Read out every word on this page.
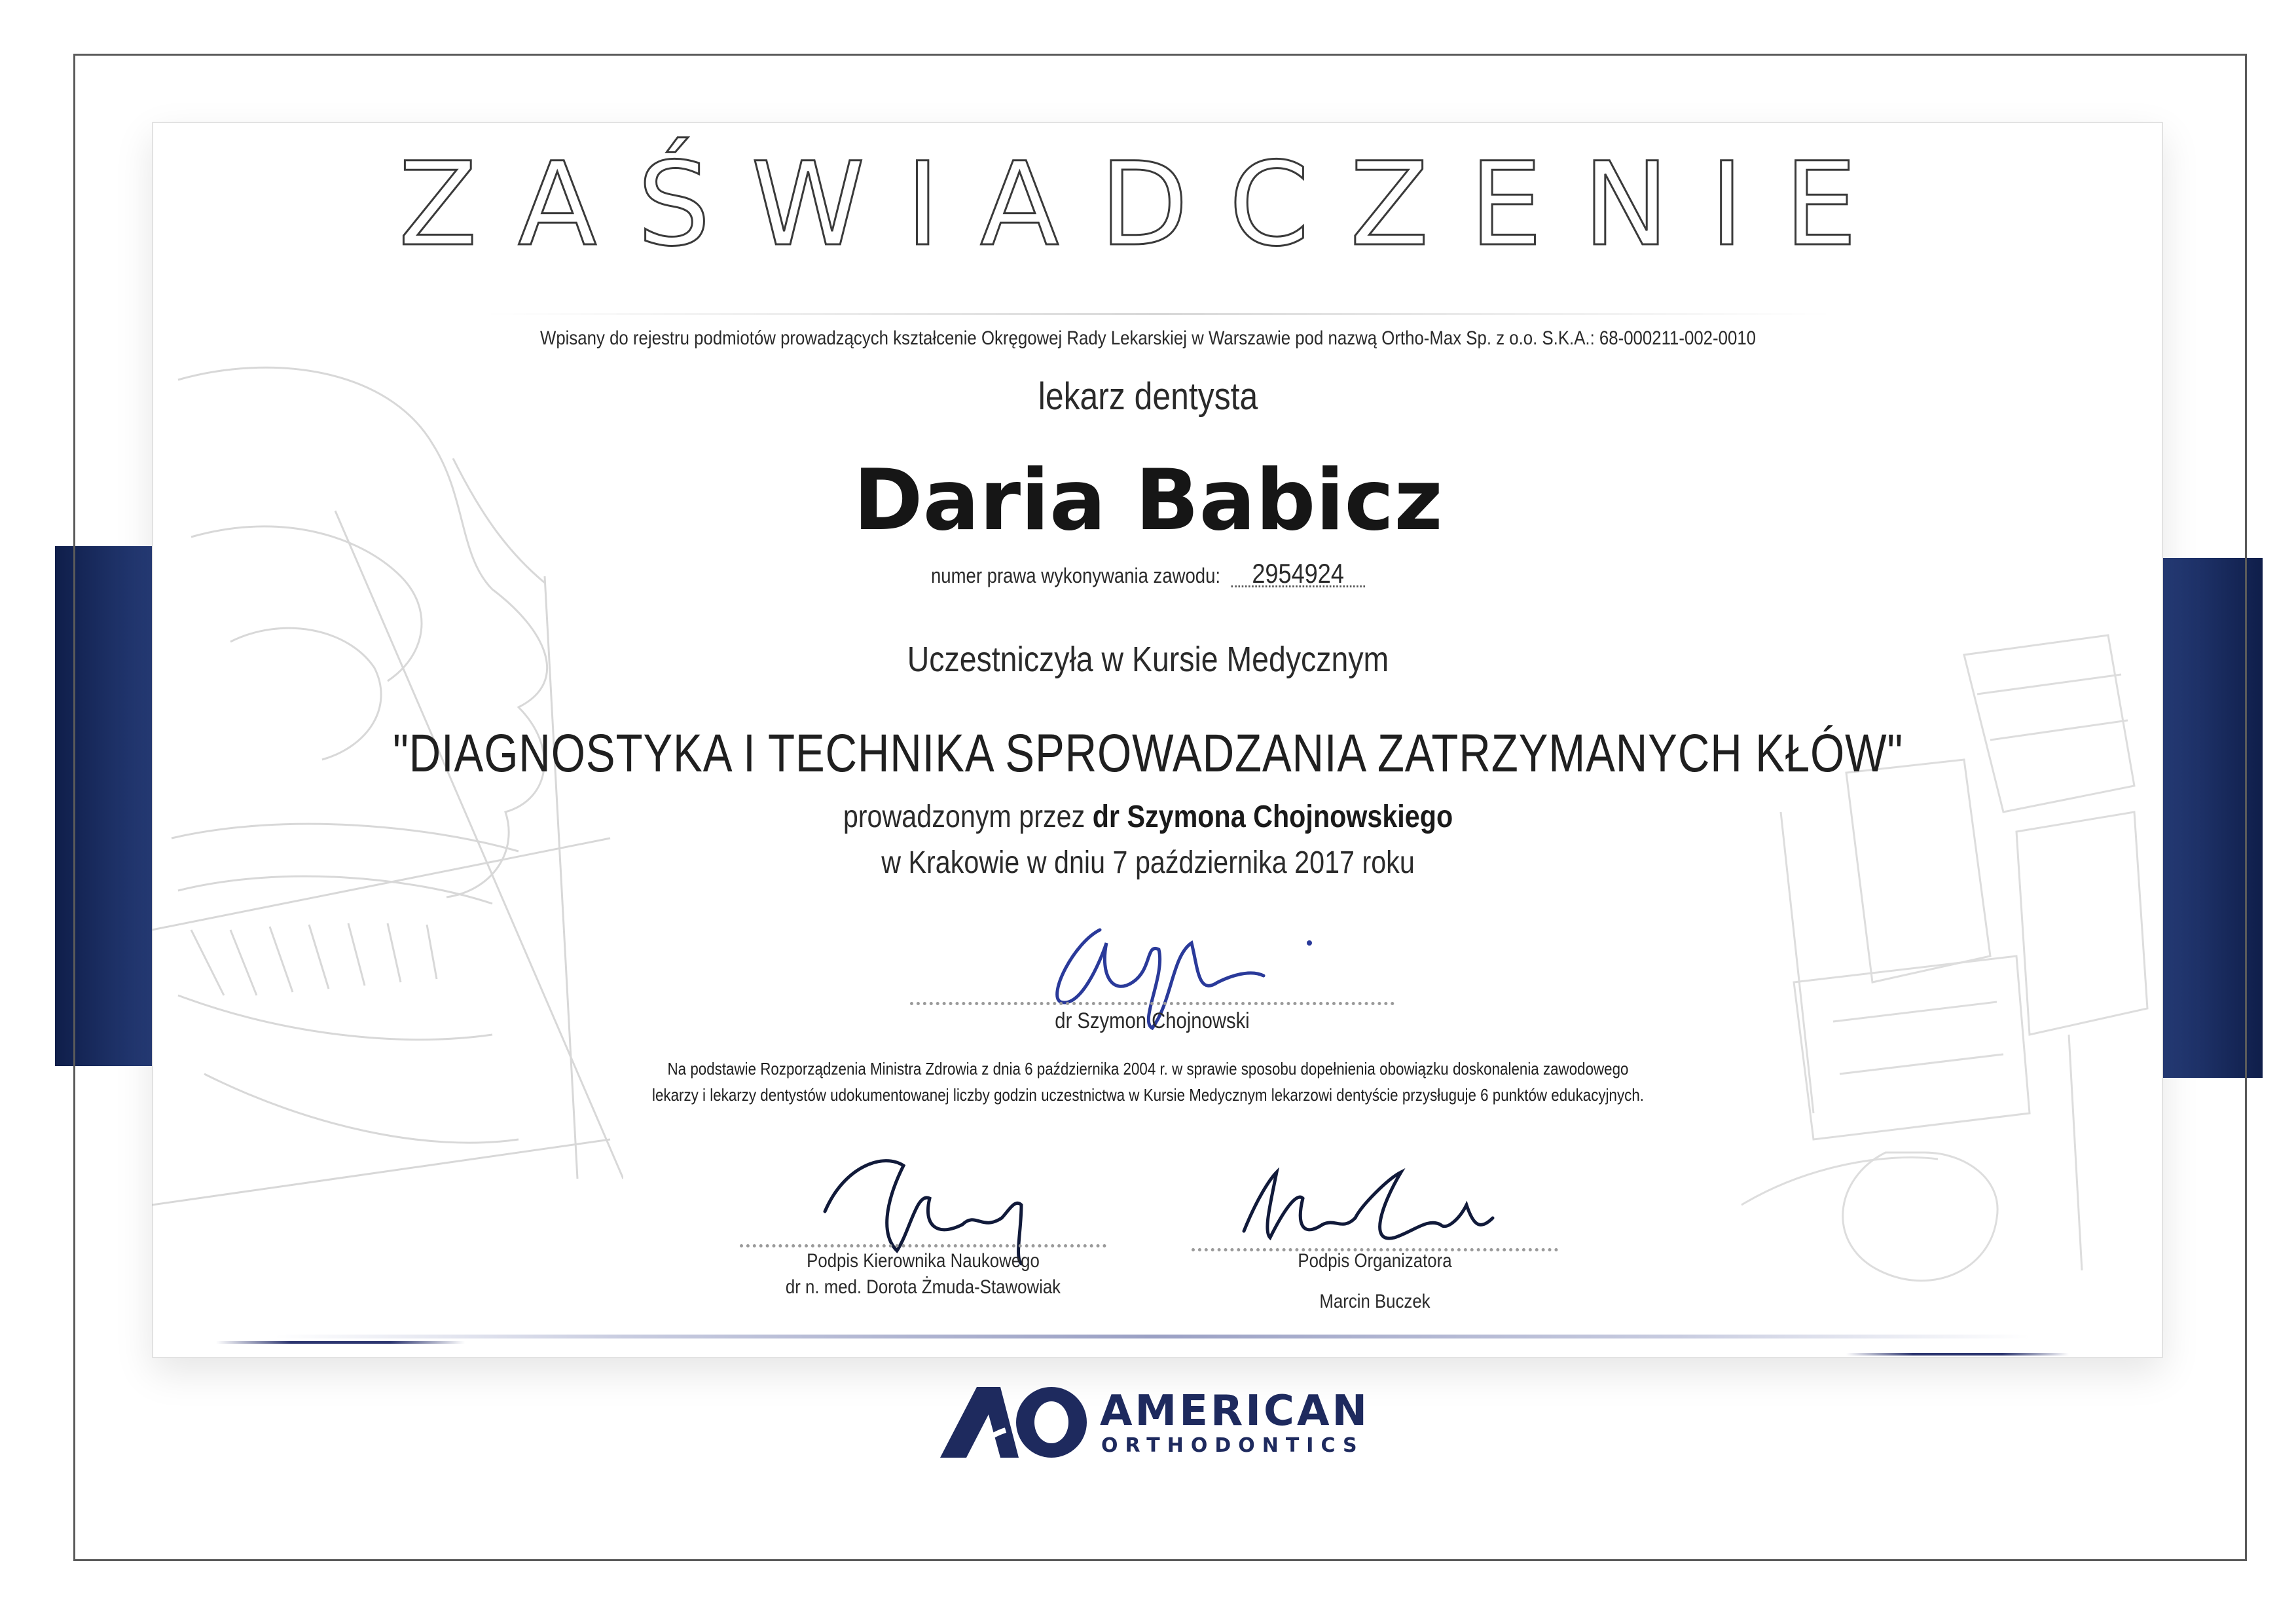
ZAŚWIADCZENIE
Wpisany do rejestru podmiotów prowadzących kształcenie Okręgowej Rady Lekarskiej w Warszawie pod nazwą Ortho-Max Sp. z o.o. S.K.A.: 68-000211-002-0010
lekarz dentysta
Daria Babicz
numer prawa wykonywania zawodu: 2954924
Uczestniczyła w Kursie Medycznym
"DIAGNOSTYKA I TECHNIKA SPROWADZANIA ZATRZYMANYCH KŁÓW"
prowadzonym przez dr Szymona Chojnowskiego
w Krakowie w dniu 7 października 2017 roku
dr Szymon Chojnowski
Na podstawie Rozporządzenia Ministra Zdrowia z dnia 6 października 2004 r. w sprawie sposobu dopełnienia obowiązku doskonalenia zawodowego
lekarzy i lekarzy dentystów udokumentowanej liczby godzin uczestnictwa w Kursie Medycznym lekarzowi dentyście przysługuje 6 punktów edukacyjnych.
Podpis Kierownika Naukowego
dr n. med. Dorota Żmuda-Stawowiak
Podpis Organizatora
Marcin Buczek
AMERICAN
ORTHODONTICS
